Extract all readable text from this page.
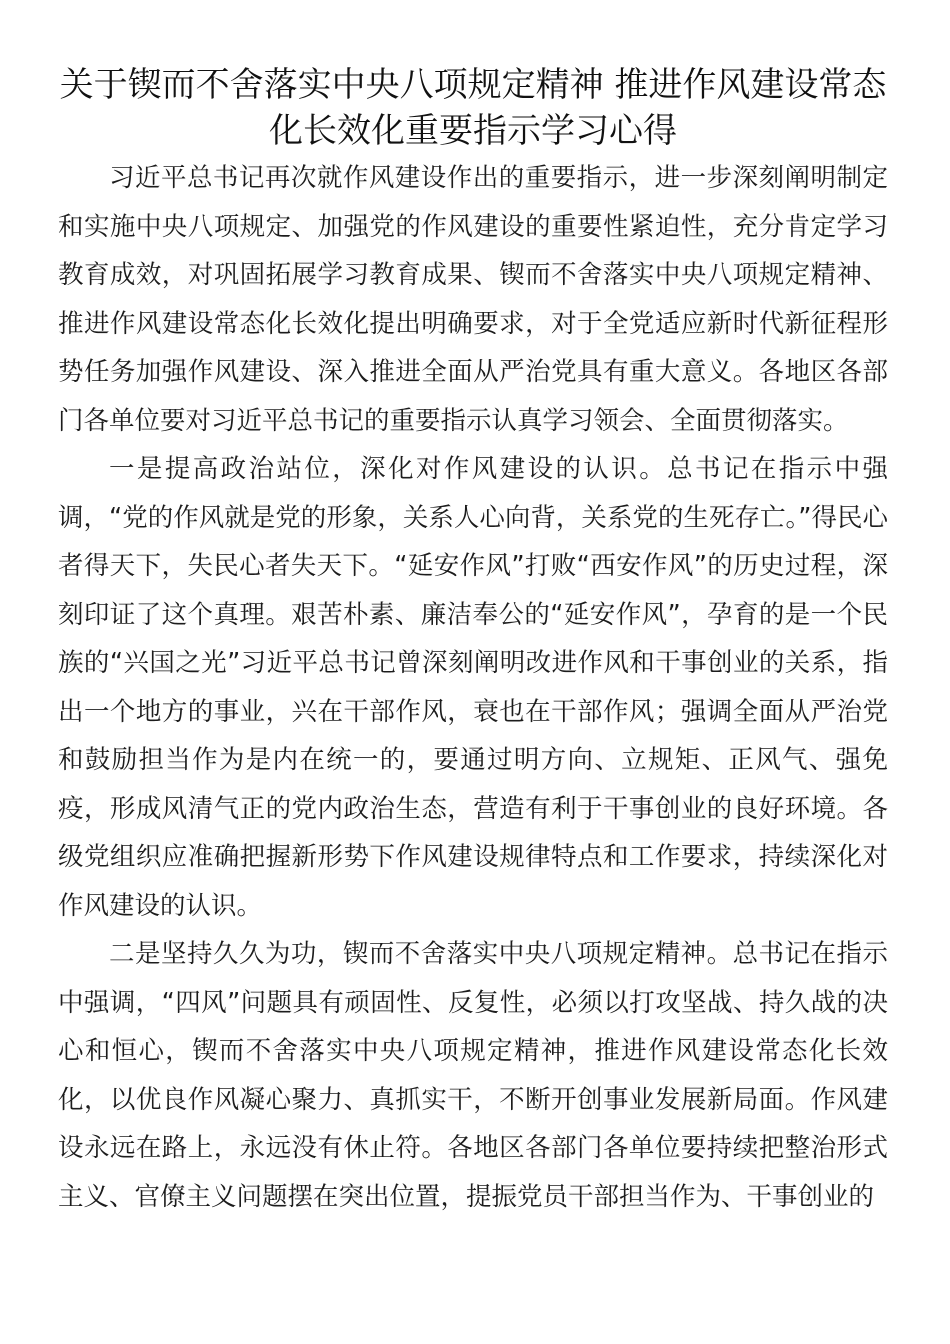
关于锲而不舍落实中央八项规定精神 推进作风建设常态化长效化重要指示学习心得

习近平总书记再次就作风建设作出的重要指示，进一步深刻阐明制定和实施中央八项规定、加强党的作风建设的重要性紧迫性，充分肯定学习教育成效，对巩固拓展学习教育成果、锲而不舍落实中央八项规定精神、推进作风建设常态化长效化提出明确要求，对于全党适应新时代新征程形势任务加强作风建设、深入推进全面从严治党具有重大意义。各地区各部门各单位要对习近平总书记的重要指示认真学习领会、全面贯彻落实。

一是提高政治站位，深化对作风建设的认识。总书记在指示中强调，“党的作风就是党的形象，关系人心向背，关系党的生死存亡。”得民心者得天下，失民心者失天下。“延安作风”打败“西安作风”的历史过程，深刻印证了这个真理。艰苦朴素、廉洁奉公的“延安作风”，孕育的是一个民族的“兴国之光”习近平总书记曾深刻阐明改进作风和干事创业的关系，指出一个地方的事业，兴在干部作风，衰也在干部作风；强调全面从严治党和鼓励担当作为是内在统一的，要通过明方向、立规矩、正风气、强免疫，形成风清气正的党内政治生态，营造有利于干事创业的良好环境。各级党组织应准确把握新形势下作风建设规律特点和工作要求，持续深化对作风建设的认识。

二是坚持久久为功，锲而不舍落实中央八项规定精神。总书记在指示中强调，“四风”问题具有顽固性、反复性，必须以打攻坚战、持久战的决心和恒心，锲而不舍落实中央八项规定精神，推进作风建设常态化长效化，以优良作风凝心聚力、真抓实干，不断开创事业发展新局面。作风建设永远在路上，永远没有休止符。各地区各部门各单位要持续把整治形式主义、官僚主义问题摆在突出位置，提振党员干部担当作为、干事创业的
